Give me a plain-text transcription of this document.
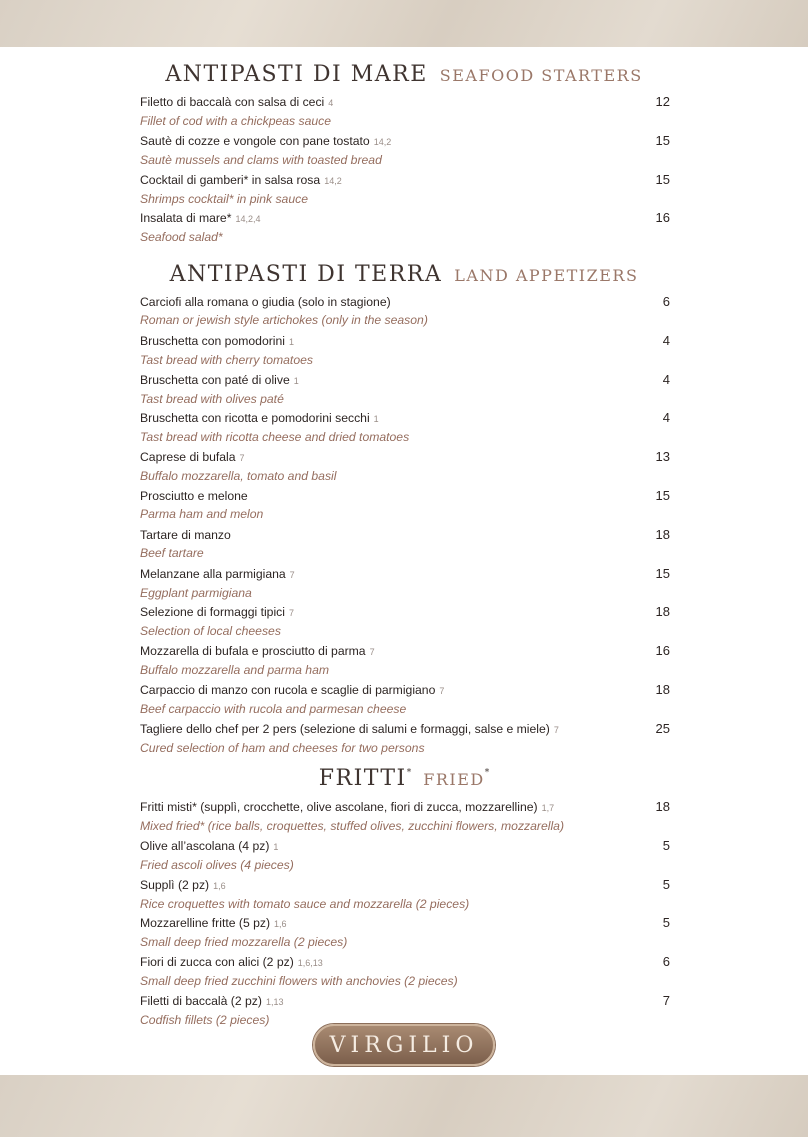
ANTIPASTI DI MARE SEAFOOD STARTERS
Filetto di baccalà con salsa di ceci 4	12
Fillet of cod with a chickpeas sauce
Sautè di cozze e vongole con pane tostato 14,2	15
Sautè mussels and clams with toasted bread
Cocktail di gamberi* in salsa rosa 14,2	15
Shrimps cocktail* in pink sauce
Insalata di mare* 14,2,4	16
Seafood salad*
ANTIPASTI DI TERRA LAND APPETIZERS
Carciofi alla romana o giudia (solo in stagione)	6
Roman or jewish style artichokes (only in the season)
Bruschetta con pomodorini 1	4
Tast bread with cherry tomatoes
Bruschetta con paté di olive 1	4
Tast bread with olives paté
Bruschetta con ricotta e pomodorini secchi 1	4
Tast bread with ricotta cheese and dried tomatoes
Caprese di bufala 7	13
Buffalo mozzarella, tomato and basil
Prosciutto e melone	15
Parma ham and melon
Tartare di manzo	18
Beef tartare
Melanzane alla parmigiana 7	15
Eggplant parmigiana
Selezione di formaggi tipici 7	18
Selection of local cheeses
Mozzarella di bufala e prosciutto di parma 7	16
Buffalo mozzarella and parma ham
Carpaccio di manzo con rucola e scaglie di parmigiano 7	18
Beef carpaccio with rucola and parmesan cheese
Tagliere dello chef per 2 pers (selezione di salumi e formaggi, salse e miele) 7	25
Cured selection of ham and cheeses for two persons
FRITTI* FRIED*
Fritti misti* (supplì, crocchette, olive ascolane, fiori di zucca, mozzarelline) 1,7	18
Mixed fried* (rice balls, croquettes, stuffed olives, zucchini flowers, mozzarella)
Olive all’ascolana (4 pz) 1	5
Fried ascoli olives (4 pieces)
Supplì (2 pz) 1,6	5
Rice croquettes with tomato sauce and mozzarella (2 pieces)
Mozzarelline fritte (5 pz) 1,6	5
Small deep fried mozzarella (2 pieces)
Fiori di zucca con alici (2 pz) 1,6,13	6
Small deep fried zucchini flowers with anchovies (2 pieces)
Filetti di baccalà (2 pz) 1,13	7
Codfish fillets (2 pieces)
VIRGILIO
